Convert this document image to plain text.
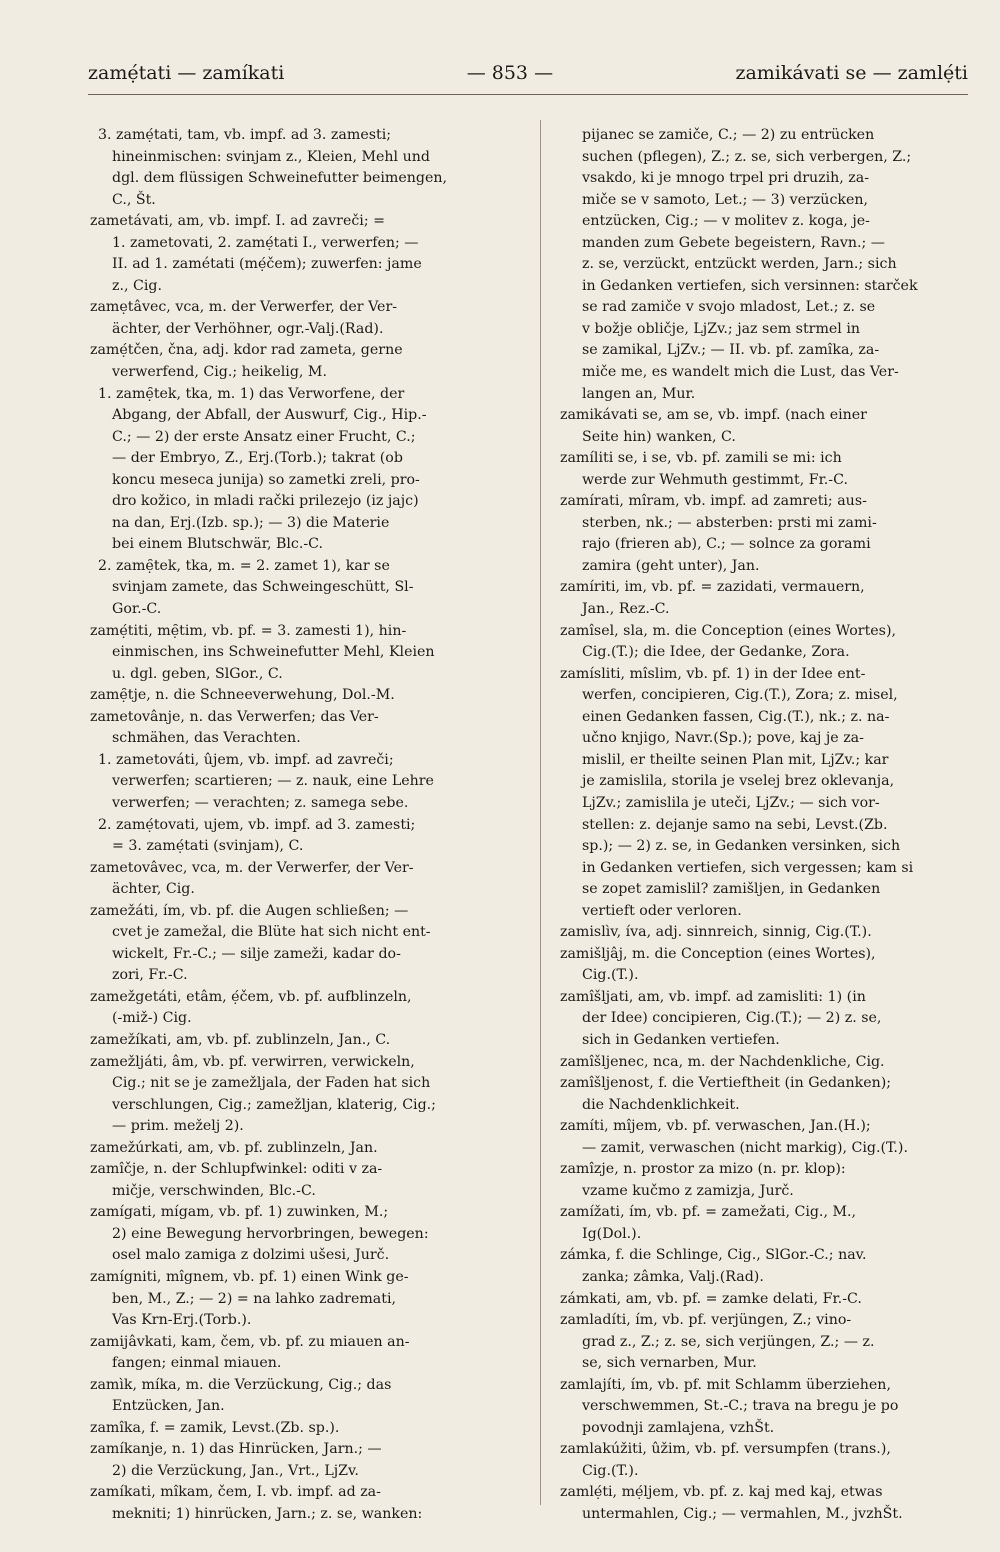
zamẹ́tati — zamíkati	— 853 —	zamikávati se — zamlẹ́ti
3. zamẹ́tati, tam, vb. impf. ad 3. zamesti;
hineinmischen: svinjam z., Kleien, Mehl und
dgl. dem flüssigen Schweinefutter beimengen,
C., Št.
zametávati, am, vb. impf. I. ad zavreči; =
1. zametovati, 2. zamẹ́tati I., verwerfen; —
II. ad 1. zamétati (mẹ́čem); zuwerfen: jame
z., Cig.
zamẹtâvec, vca, m. der Verwerfer, der Ver-
ächter, der Verhöhner, ogr.-Valj.(Rad).
zamẹ́tčen, čna, adj. kdor rad zameta, gerne
verwerfend, Cig.; heikelig, M.
1. zamẹ̑tek, tka, m. 1) das Verworfene, der
Abgang, der Abfall, der Auswurf, Cig., Hip.-
C.; — 2) der erste Ansatz einer Frucht, C.;
— der Embryo, Z., Erj.(Torb.); takrat (ob
koncu meseca junija) so zametki zreli, pro-
dro kožico, in mladi rački prilezejo (iz jajc)
na dan, Erj.(Izb. sp.); — 3) die Materie
bei einem Blutschwär, Blc.-C.
2. zamẹ̑tek, tka, m. = 2. zamet 1), kar se
svinjam zamete, das Schweingeschütt, Sl-
Gor.-C.
zamẹ́titi, mẹ̑tim, vb. pf. = 3. zamesti 1), hin-
einmischen, ins Schweinefutter Mehl, Kleien
u. dgl. geben, SlGor., C.
zamẹ̑tje, n. die Schneeverwehung, Dol.-M.
zametovânje, n. das Verwerfen; das Ver-
schmähen, das Verachten.
1. zametováti, ûjem, vb. impf. ad zavreči;
verwerfen; scartieren; — z. nauk, eine Lehre
verwerfen; — verachten; z. samega sebe.
2. zamẹ́tovati, ujem, vb. impf. ad 3. zamesti;
= 3. zamẹ́tati (svinjam), C.
zametovâvec, vca, m. der Verwerfer, der Ver-
ächter, Cig.
zamežáti, ím, vb. pf. die Augen schließen; —
cvet je zamežal, die Blüte hat sich nicht ent-
wickelt, Fr.-C.; — silje zameži, kadar do-
zori, Fr.-C.
zamežgetáti, etâm, ẹ́čem, vb. pf. aufblinzeln,
(-miž-) Cig.
zamežíkati, am, vb. pf. zublinzeln, Jan., C.
zamežljáti, âm, vb. pf. verwirren, verwickeln,
Cig.; nit se je zamežljala, der Faden hat sich
verschlungen, Cig.; zamežljan, klaterig, Cig.;
— prim. meželj 2).
zamežúrkati, am, vb. pf. zublinzeln, Jan.
zamîčje, n. der Schlupfwinkel: oditi v za-
mičje, verschwinden, Blc.-C.
zamígati, mígam, vb. pf. 1) zuwinken, M.;
2) eine Bewegung hervorbringen, bewegen:
osel malo zamiga z dolzimi ušesi, Jurč.
zamígniti, mîgnem, vb. pf. 1) einen Wink ge-
ben, M., Z.; — 2) = na lahko zadremati,
Vas Krn-Erj.(Torb.).
zamijâvkati, kam, čem, vb. pf. zu miauen an-
fangen; einmal miauen.
zamìk, míka, m. die Verzückung, Cig.; das
Entzücken, Jan.
zamîka, f. = zamik, Levst.(Zb. sp.).
zamíkanje, n. 1) das Hinrücken, Jarn.; —
2) die Verzückung, Jan., Vrt., LjZv.
zamíkati, mîkam, čem, I. vb. impf. ad za-
mekniti; 1) hinrücken, Jarn.; z. se, wanken:
pijanec se zamiče, C.; — 2) zu entrücken
suchen (pflegen), Z.; z. se, sich verbergen, Z.;
vsakdo, ki je mnogo trpel pri druzih, za-
miče se v samoto, Let.; — 3) verzücken,
entzücken, Cig.; — v molitev z. koga, je-
manden zum Gebete begeistern, Ravn.; —
z. se, verzückt, entzückt werden, Jarn.; sich
in Gedanken vertiefen, sich versinnen: starček
se rad zamiče v svojo mladost, Let.; z. se
v božje obličje, LjZv.; jaz sem strmel in
se zamikal, LjZv.; — II. vb. pf. zamîka, za-
miče me, es wandelt mich die Lust, das Ver-
langen an, Mur.
zamikávati se, am se, vb. impf. (nach einer
Seite hin) wanken, C.
zamíliti se, i se, vb. pf. zamili se mi: ich
werde zur Wehmuth gestimmt, Fr.-C.
zamírati, mîram, vb. impf. ad zamreti; aus-
sterben, nk.; — absterben: prsti mi zami-
rajo (frieren ab), C.; — solnce za gorami
zamira (geht unter), Jan.
zamíriti, im, vb. pf. = zazidati, vermauern,
Jan., Rez.-C.
zamîsel, sla, m. die Conception (eines Wortes),
Cig.(T.); die Idee, der Gedanke, Zora.
zamísliti, mîslim, vb. pf. 1) in der Idee ent-
werfen, concipieren, Cig.(T.), Zora; z. misel,
einen Gedanken fassen, Cig.(T.), nk.; z. na-
učno knjigo, Navr.(Sp.); pove, kaj je za-
mislil, er theilte seinen Plan mit, LjZv.; kar
je zamislila, storila je vselej brez oklevanja,
LjZv.; zamislila je uteči, LjZv.; — sich vor-
stellen: z. dejanje samo na sebi, Levst.(Zb.
sp.); — 2) z. se, in Gedanken versinken, sich
in Gedanken vertiefen, sich vergessen; kam si
se zopet zamislil? zamišljen, in Gedanken
vertieft oder verloren.
zamislìv, íva, adj. sinnreich, sinnig, Cig.(T.).
zamišljâj, m. die Conception (eines Wortes),
Cig.(T.).
zamîšljati, am, vb. impf. ad zamisliti: 1) (in
der Idee) concipieren, Cig.(T.); — 2) z. se,
sich in Gedanken vertiefen.
zamîšljenec, nca, m. der Nachdenkliche, Cig.
zamîšljenost, f. die Vertieftheit (in Gedanken);
die Nachdenklichkeit.
zamíti, mîjem, vb. pf. verwaschen, Jan.(H.);
— zamit, verwaschen (nicht markig), Cig.(T.).
zamîzje, n. prostor za mizo (n. pr. klop):
vzame kučmo z zamizja, Jurč.
zamížati, ím, vb. pf. = zamežati, Cig., M.,
Ig(Dol.).
zámka, f. die Schlinge, Cig., SlGor.-C.; nav.
zanka; zâmka, Valj.(Rad).
zámkati, am, vb. pf. = zamke delati, Fr.-C.
zamladíti, ím, vb. pf. verjüngen, Z.; vino-
grad z., Z.; z. se, sich verjüngen, Z.; — z.
se, sich vernarben, Mur.
zamlajíti, ím, vb. pf. mit Schlamm überziehen,
verschwemmen, St.-C.; trava na bregu je po
povodnji zamlajena, vzhŠt.
zamlakúžiti, ûžim, vb. pf. versumpfen (trans.),
Cig.(T.).
zamlẹ́ti, mẹ́ljem, vb. pf. z. kaj med kaj, etwas
untermahlen, Cig.; — vermahlen, M., jvzhŠt.
